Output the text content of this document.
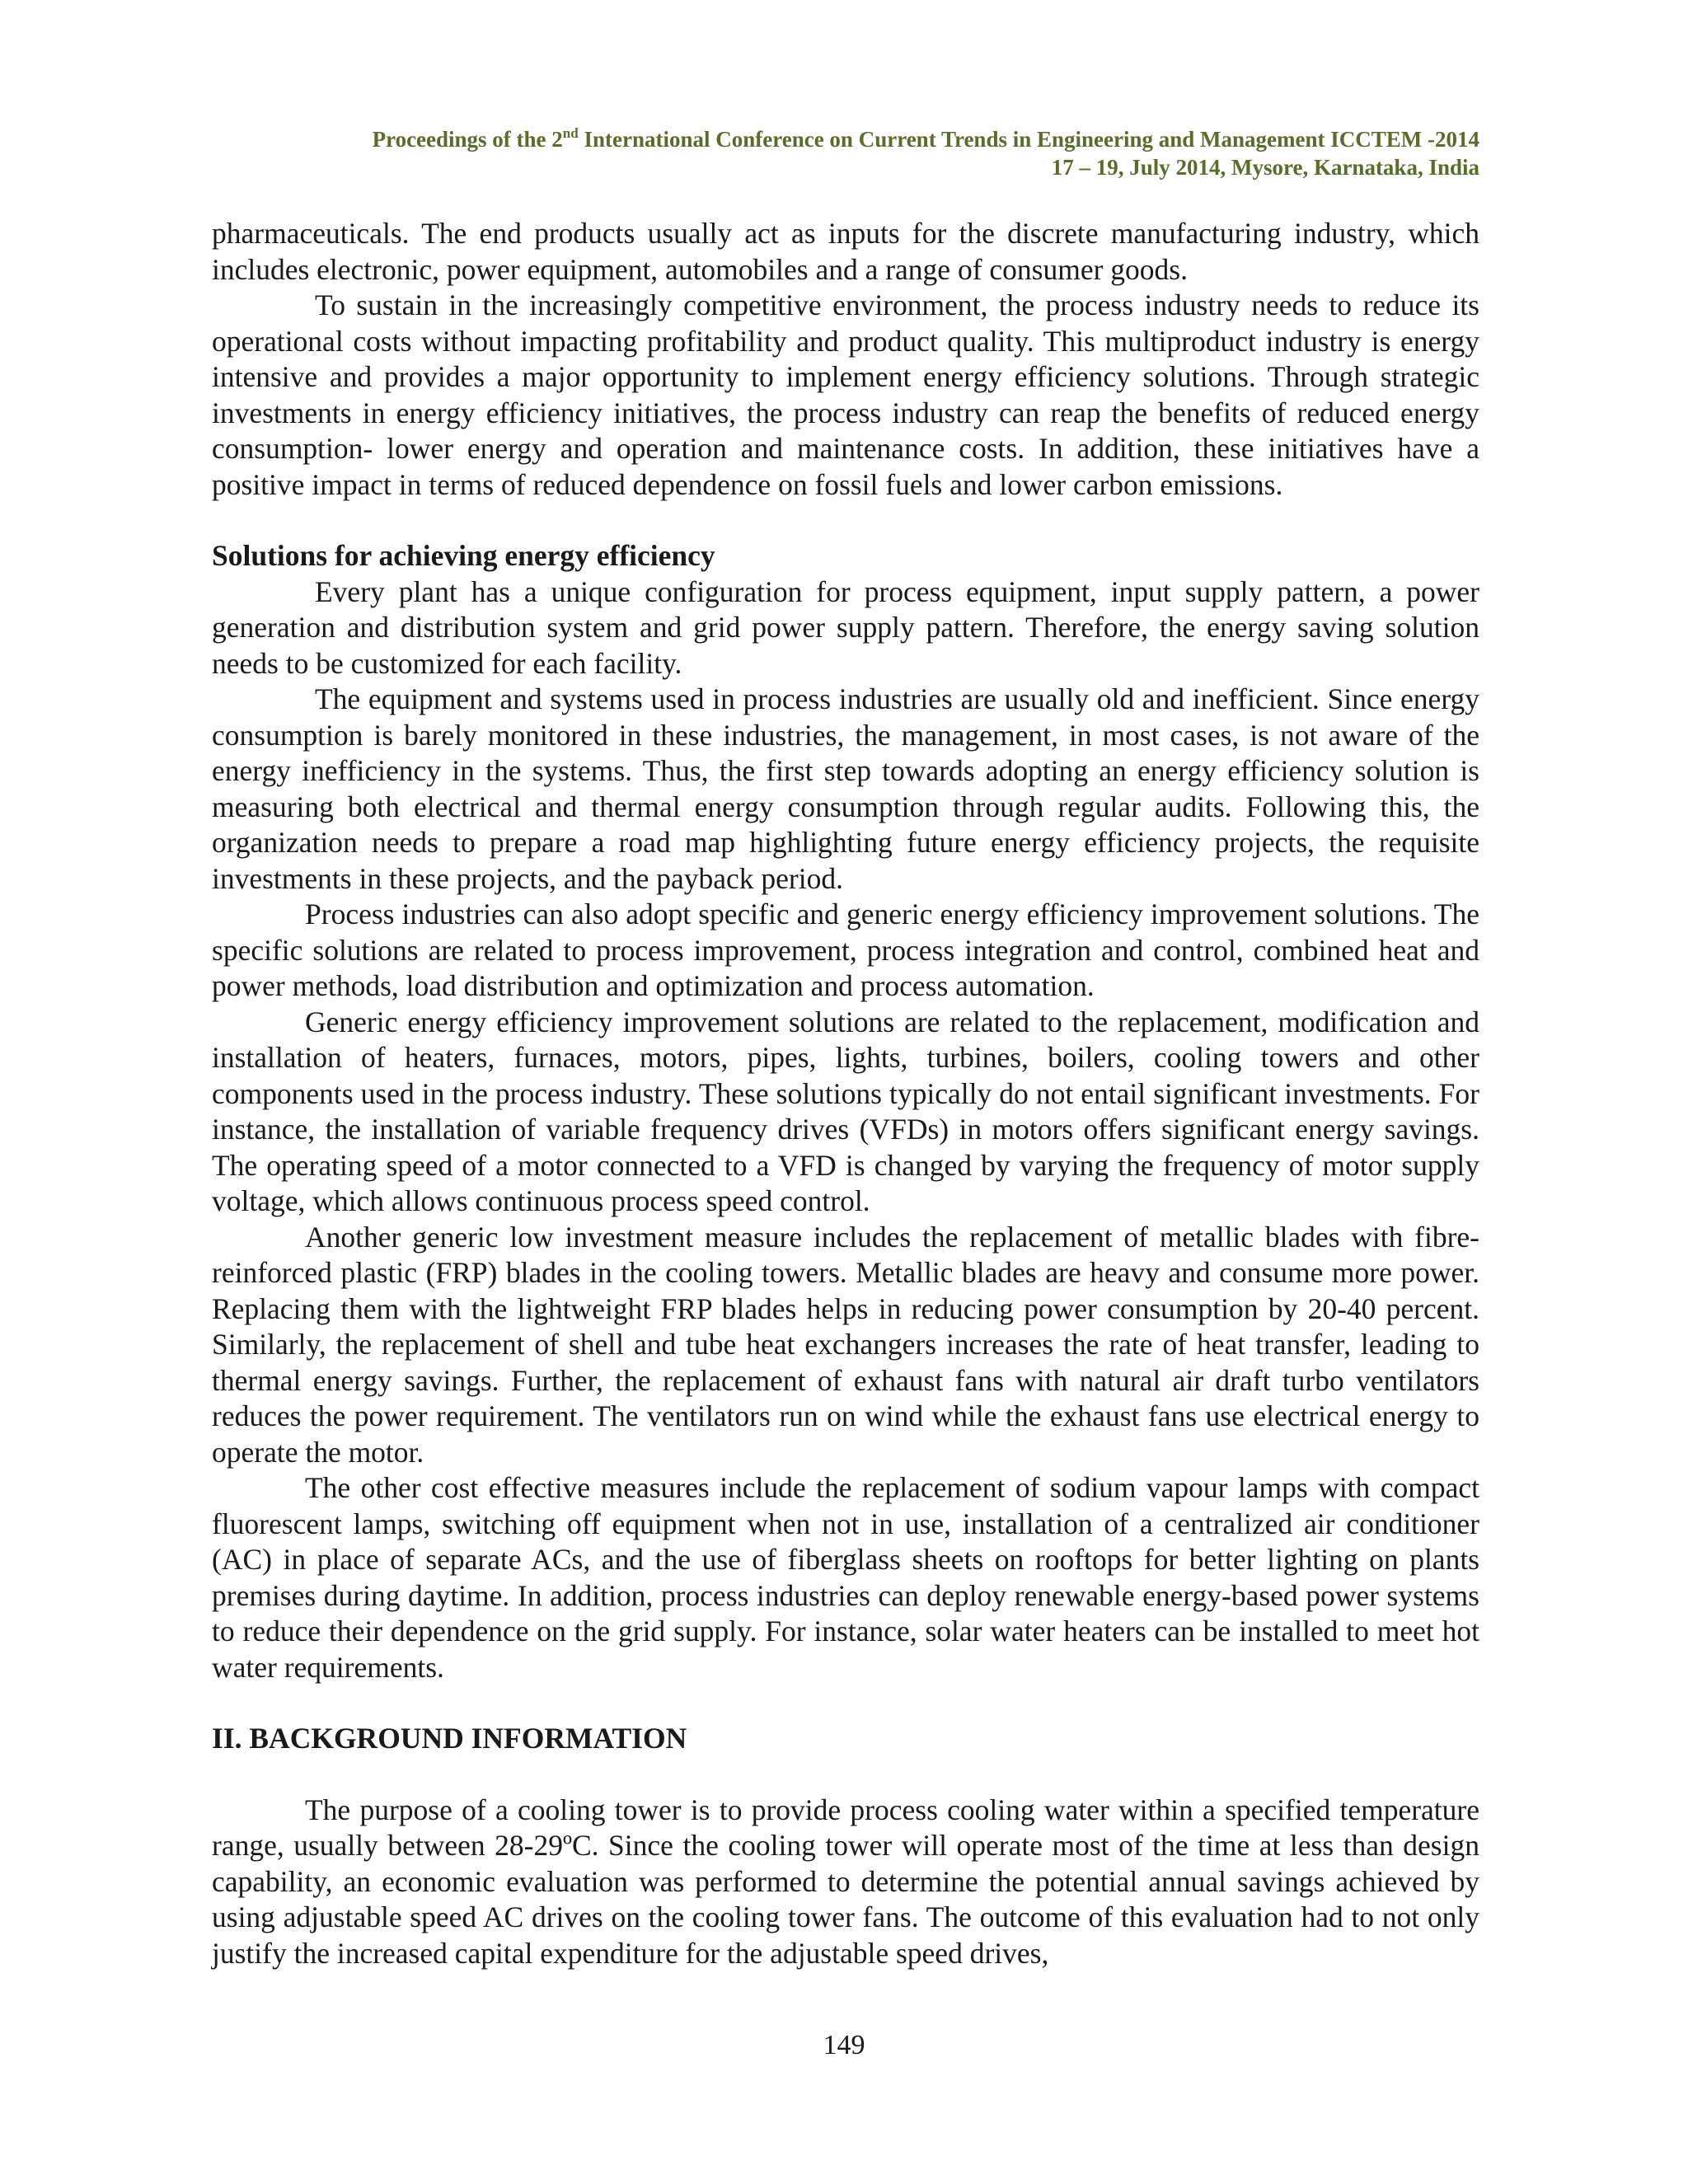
Proceedings of the 2nd International Conference on Current Trends in Engineering and Management ICCTEM -2014
17 – 19, July 2014, Mysore, Karnataka, India

pharmaceuticals. The end products usually act as inputs for the discrete manufacturing industry, which includes electronic, power equipment, automobiles and a range of consumer goods.

To sustain in the increasingly competitive environment, the process industry needs to reduce its operational costs without impacting profitability and product quality. This multiproduct industry is energy intensive and provides a major opportunity to implement energy efficiency solutions. Through strategic investments in energy efficiency initiatives, the process industry can reap the benefits of reduced energy consumption- lower energy and operation and maintenance costs. In addition, these initiatives have a positive impact in terms of reduced dependence on fossil fuels and lower carbon emissions.

Solutions for achieving energy efficiency

Every plant has a unique configuration for process equipment, input supply pattern, a power generation and distribution system and grid power supply pattern. Therefore, the energy saving solution needs to be customized for each facility.

The equipment and systems used in process industries are usually old and inefficient. Since energy consumption is barely monitored in these industries, the management, in most cases, is not aware of the energy inefficiency in the systems. Thus, the first step towards adopting an energy efficiency solution is measuring both electrical and thermal energy consumption through regular audits. Following this, the organization needs to prepare a road map highlighting future energy efficiency projects, the requisite investments in these projects, and the payback period.

Process industries can also adopt specific and generic energy efficiency improvement solutions. The specific solutions are related to process improvement, process integration and control, combined heat and power methods, load distribution and optimization and process automation.

Generic energy efficiency improvement solutions are related to the replacement, modification and installation of heaters, furnaces, motors, pipes, lights, turbines, boilers, cooling towers and other components used in the process industry. These solutions typically do not entail significant investments. For instance, the installation of variable frequency drives (VFDs) in motors offers significant energy savings. The operating speed of a motor connected to a VFD is changed by varying the frequency of motor supply voltage, which allows continuous process speed control.

Another generic low investment measure includes the replacement of metallic blades with fibre- reinforced plastic (FRP) blades in the cooling towers. Metallic blades are heavy and consume more power. Replacing them with the lightweight FRP blades helps in reducing power consumption by 20-40 percent. Similarly, the replacement of shell and tube heat exchangers increases the rate of heat transfer, leading to thermal energy savings. Further, the replacement of exhaust fans with natural air draft turbo ventilators reduces the power requirement. The ventilators run on wind while the exhaust fans use electrical energy to operate the motor.

The other cost effective measures include the replacement of sodium vapour lamps with compact fluorescent lamps, switching off equipment when not in use, installation of a centralized air conditioner (AC) in place of separate ACs, and the use of fiberglass sheets on rooftops for better lighting on plants premises during daytime. In addition, process industries can deploy renewable energy-based power systems to reduce their dependence on the grid supply. For instance, solar water heaters can be installed to meet hot water requirements.

II. BACKGROUND INFORMATION

The purpose of a cooling tower is to provide process cooling water within a specified temperature range, usually between 28-29ºC. Since the cooling tower will operate most of the time at less than design capability, an economic evaluation was performed to determine the potential annual savings achieved by using adjustable speed AC drives on the cooling tower fans. The outcome of this evaluation had to not only justify the increased capital expenditure for the adjustable speed drives,

149
